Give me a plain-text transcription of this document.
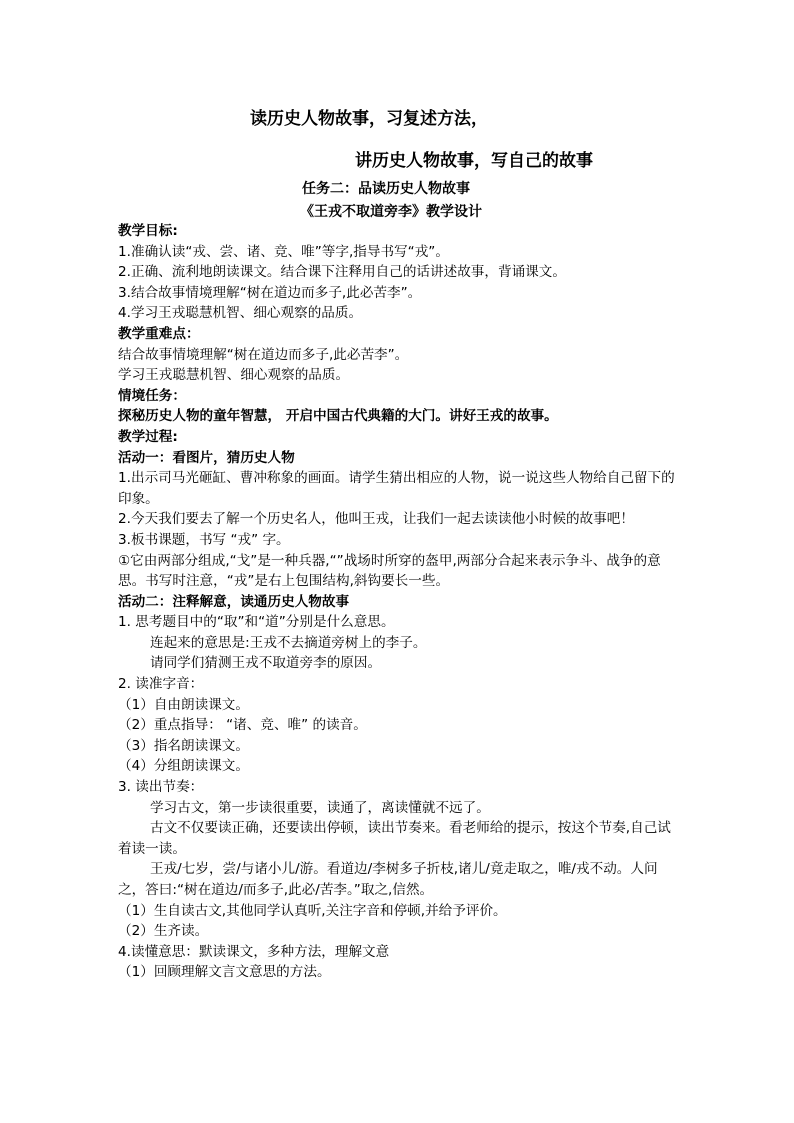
读历史人物故事，习复述方法，
讲历史人物故事，写自己的故事
任务二：品读历史人物故事
《王戎不取道旁李》教学设计

教学目标:

1.准确认读“戎、尝、诸、竞、唯”等字,指导书写“戎”。

2.正确、流利地朗读课文。结合课下注释用自己的话讲述故事，背诵课文。

3.结合故事情境理解“树在道边而多子,此必苦李”。

4.学习王戎聪慧机智、细心观察的品质。

教学重难点：

结合故事情境理解“树在道边而多子,此必苦李”。

学习王戎聪慧机智、细心观察的品质。

情境任务：

探秘历史人物的童年智慧， 开启中国古代典籍的大门。讲好王戎的故事。

教学过程:

活动一：看图片，猜历史人物

1.出示司马光砸缸、曹冲称象的画面。请学生猜出相应的人物，说一说这些人物给自己留下的印象。

2.今天我们要去了解一个历史名人，他叫王戎，让我们一起去读读他小时候的故事吧！

3.板书课题，书写 “戎” 字。

①它由两部分组成,“戈”是一种兵器,“”战场时所穿的盔甲,两部分合起来表示争斗、战争的意思。书写时注意，“戎”是右上包围结构,斜钩要长一些。

活动二：注释解意，读通历史人物故事

1. 思考题目中的“取”和“道”分别是什么意思。

连起来的意思是:王戎不去摘道旁树上的李子。

请同学们猜测王戎不取道旁李的原因。

2. 读准字音：

（1）自由朗读课文。

（2）重点指导： “诸、竞、唯” 的读音。

（3）指名朗读课文。

（4）分组朗读课文。

3. 读出节奏：

学习古文，第一步读很重要，读通了，离读懂就不远了。

古文不仅要读正确，还要读出停顿，读出节奏来。看老师给的提示，按这个节奏,自己试着读一读。

王戎/七岁，尝/与诸小儿/游。看道边/李树多子折枝,诸儿/竟走取之，唯/戎不动。人问之，答曰:“树在道边/而多子,此必/苦李。”取之,信然。

（1）生自读古文,其他同学认真听,关注字音和停顿,并给予评价。

（2）生齐读。

4.读懂意思：默读课文，多种方法，理解文意

（1）回顾理解文言文意思的方法。
